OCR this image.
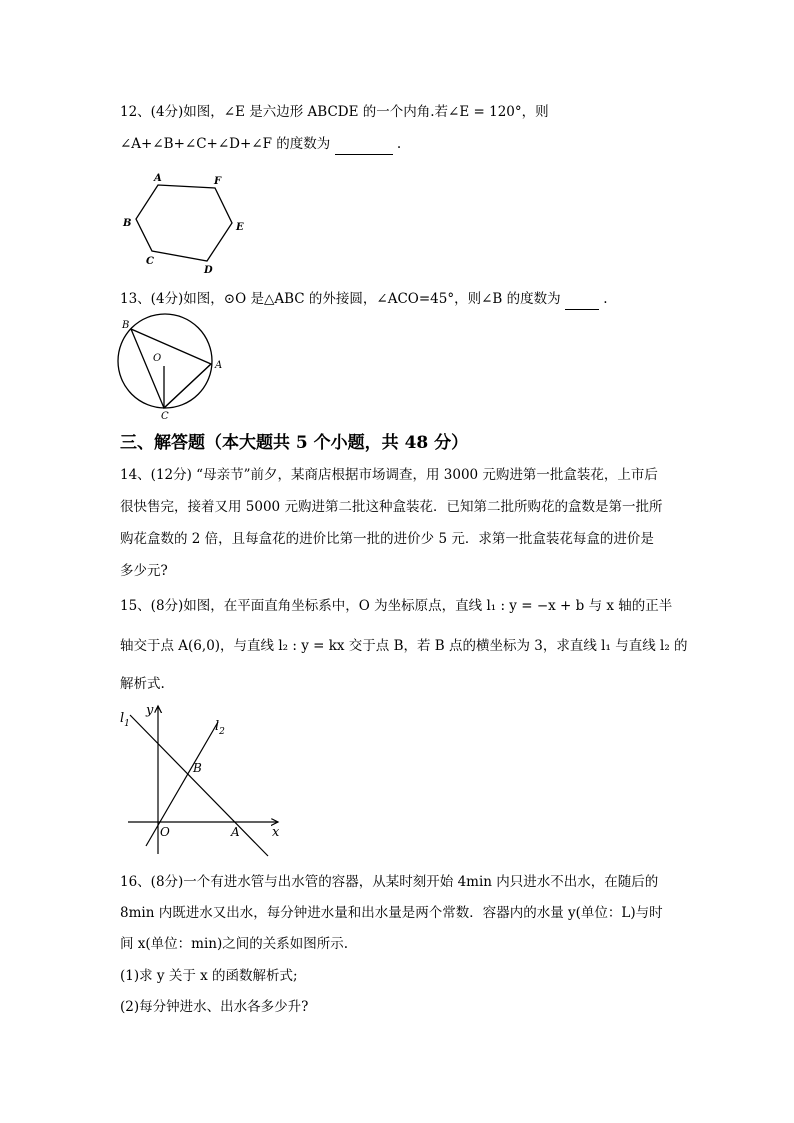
12、(4分)如图，∠E 是六边形 ABCDE 的一个内角.若∠E = 120°，则
∠A+∠B+∠C+∠D+∠F 的度数为	.
A	F
B	E
C
D
13、(4分)如图，⊙O 是△ABC 的外接圆，∠ACO=45°，则∠B 的度数为	.
B
O
A
C
三、解答题（本大题共 5 个小题，共 48 分）
14、(12分) “母亲节”前夕，某商店根据市场调查，用 3000 元购进第一批盒装花，上市后
很快售完，接着又用 5000 元购进第二批这种盒装花．已知第二批所购花的盒数是第一批所
购花盒数的 2 倍，且每盒花的进价比第一批的进价少 5 元．求第一批盒装花每盒的进价是
多少元?
15、(8分)如图，在平面直角坐标系中，O 为坐标原点，直线 l₁ : y = −x + b 与 x 轴的正半
轴交于点 A(6,0)，与直线 l₂ : y = kx 交于点 B，若 B 点的横坐标为 3，求直线 l₁ 与直线 l₂ 的
解析式.
$l_1$	$l_2$
y
x
B
O	A
16、(8分)一个有进水管与出水管的容器，从某时刻开始 4min 内只进水不出水，在随后的
8min 内既进水又出水，每分钟进水量和出水量是两个常数．容器内的水量 y(单位：L)与时
间 x(单位：min)之间的关系如图所示.
(1)求 y 关于 x 的函数解析式;
(2)每分钟进水、出水各多少升?
